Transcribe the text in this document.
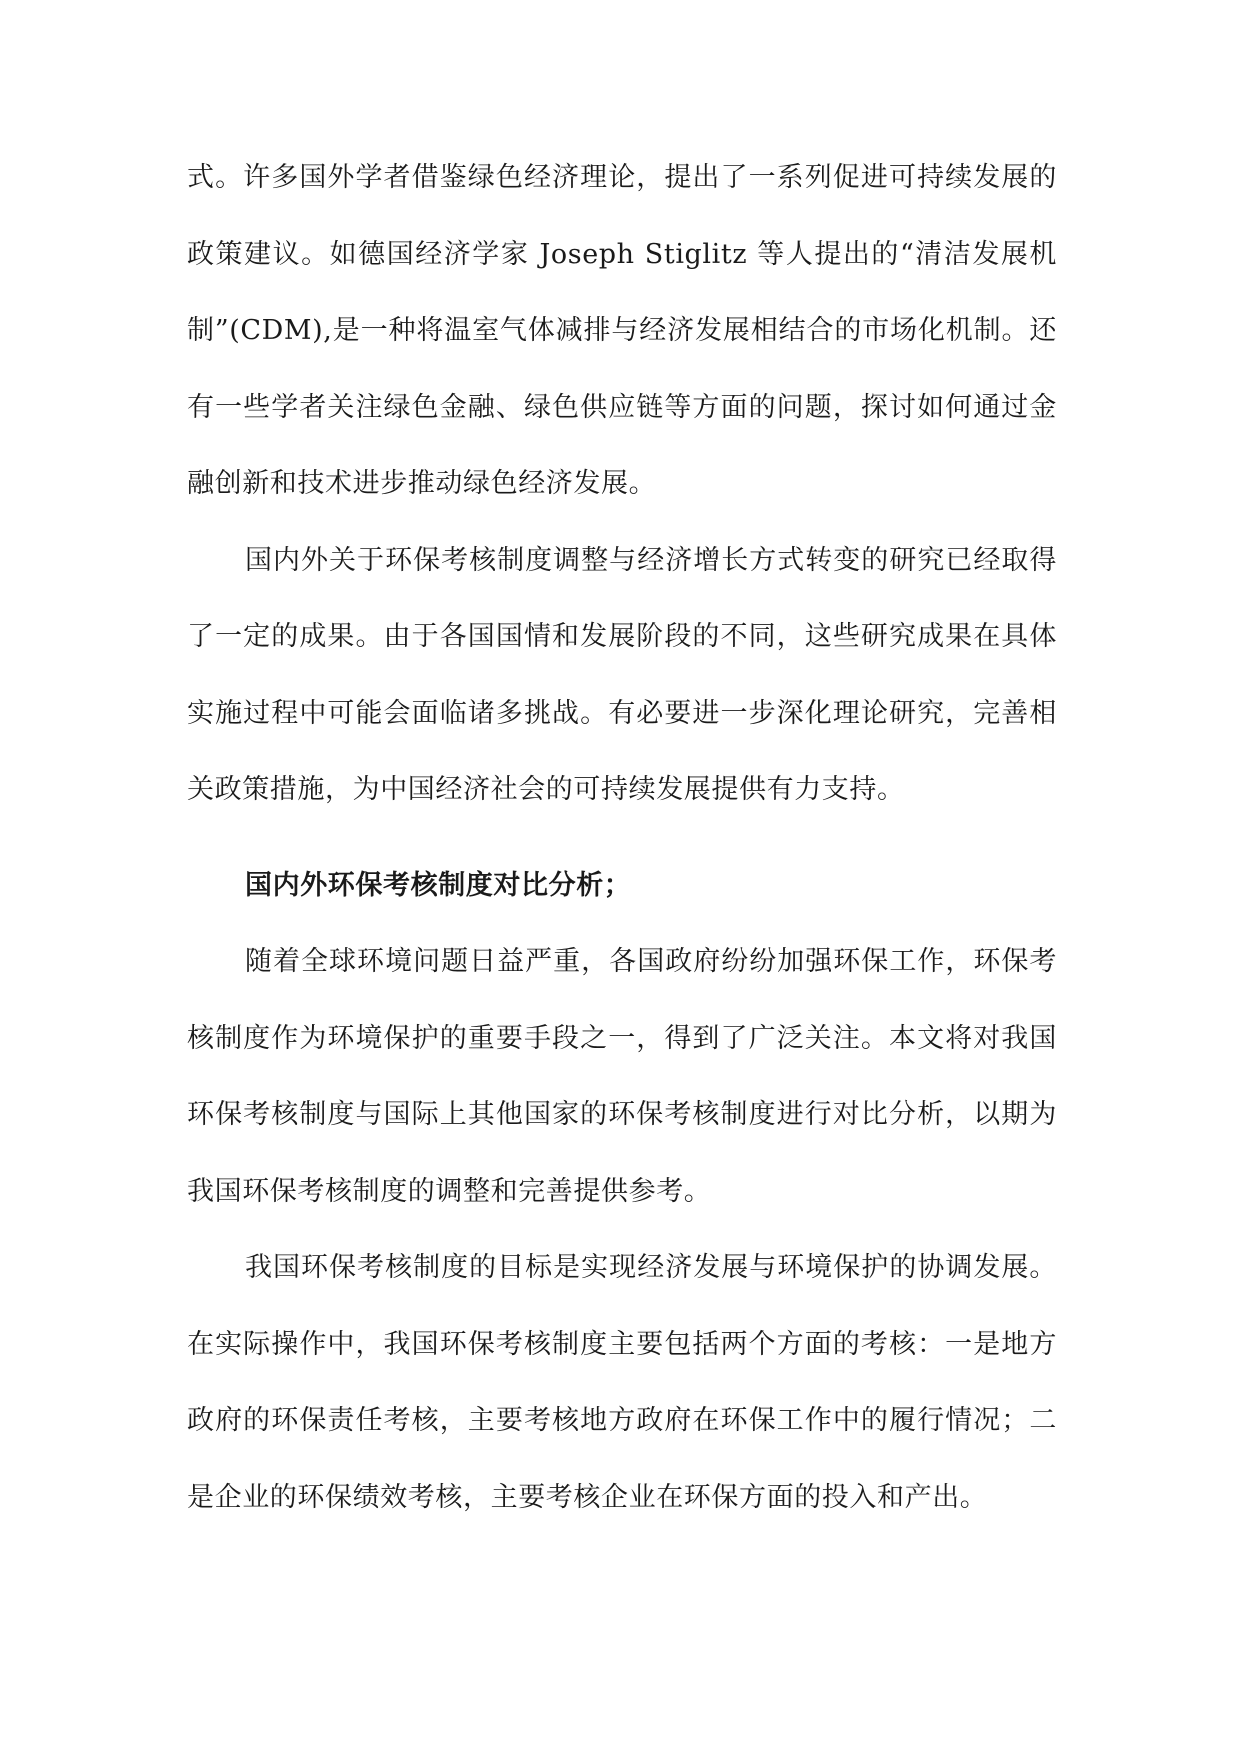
式。许多国外学者借鉴绿色经济理论，提出了一系列促进可持续发展的政策建议。如德国经济学家 Joseph Stiglitz 等人提出的“清洁发展机制”(CDM),是一种将温室气体减排与经济发展相结合的市场化机制。还有一些学者关注绿色金融、绿色供应链等方面的问题，探讨如何通过金融创新和技术进步推动绿色经济发展。

国内外关于环保考核制度调整与经济增长方式转变的研究已经取得了一定的成果。由于各国国情和发展阶段的不同，这些研究成果在具体实施过程中可能会面临诸多挑战。有必要进一步深化理论研究，完善相关政策措施，为中国经济社会的可持续发展提供有力支持。

国内外环保考核制度对比分析；

随着全球环境问题日益严重，各国政府纷纷加强环保工作，环保考核制度作为环境保护的重要手段之一，得到了广泛关注。本文将对我国环保考核制度与国际上其他国家的环保考核制度进行对比分析，以期为我国环保考核制度的调整和完善提供参考。

我国环保考核制度的目标是实现经济发展与环境保护的协调发展。在实际操作中，我国环保考核制度主要包括两个方面的考核：一是地方政府的环保责任考核，主要考核地方政府在环保工作中的履行情况；二是企业的环保绩效考核，主要考核企业在环保方面的投入和产出。
